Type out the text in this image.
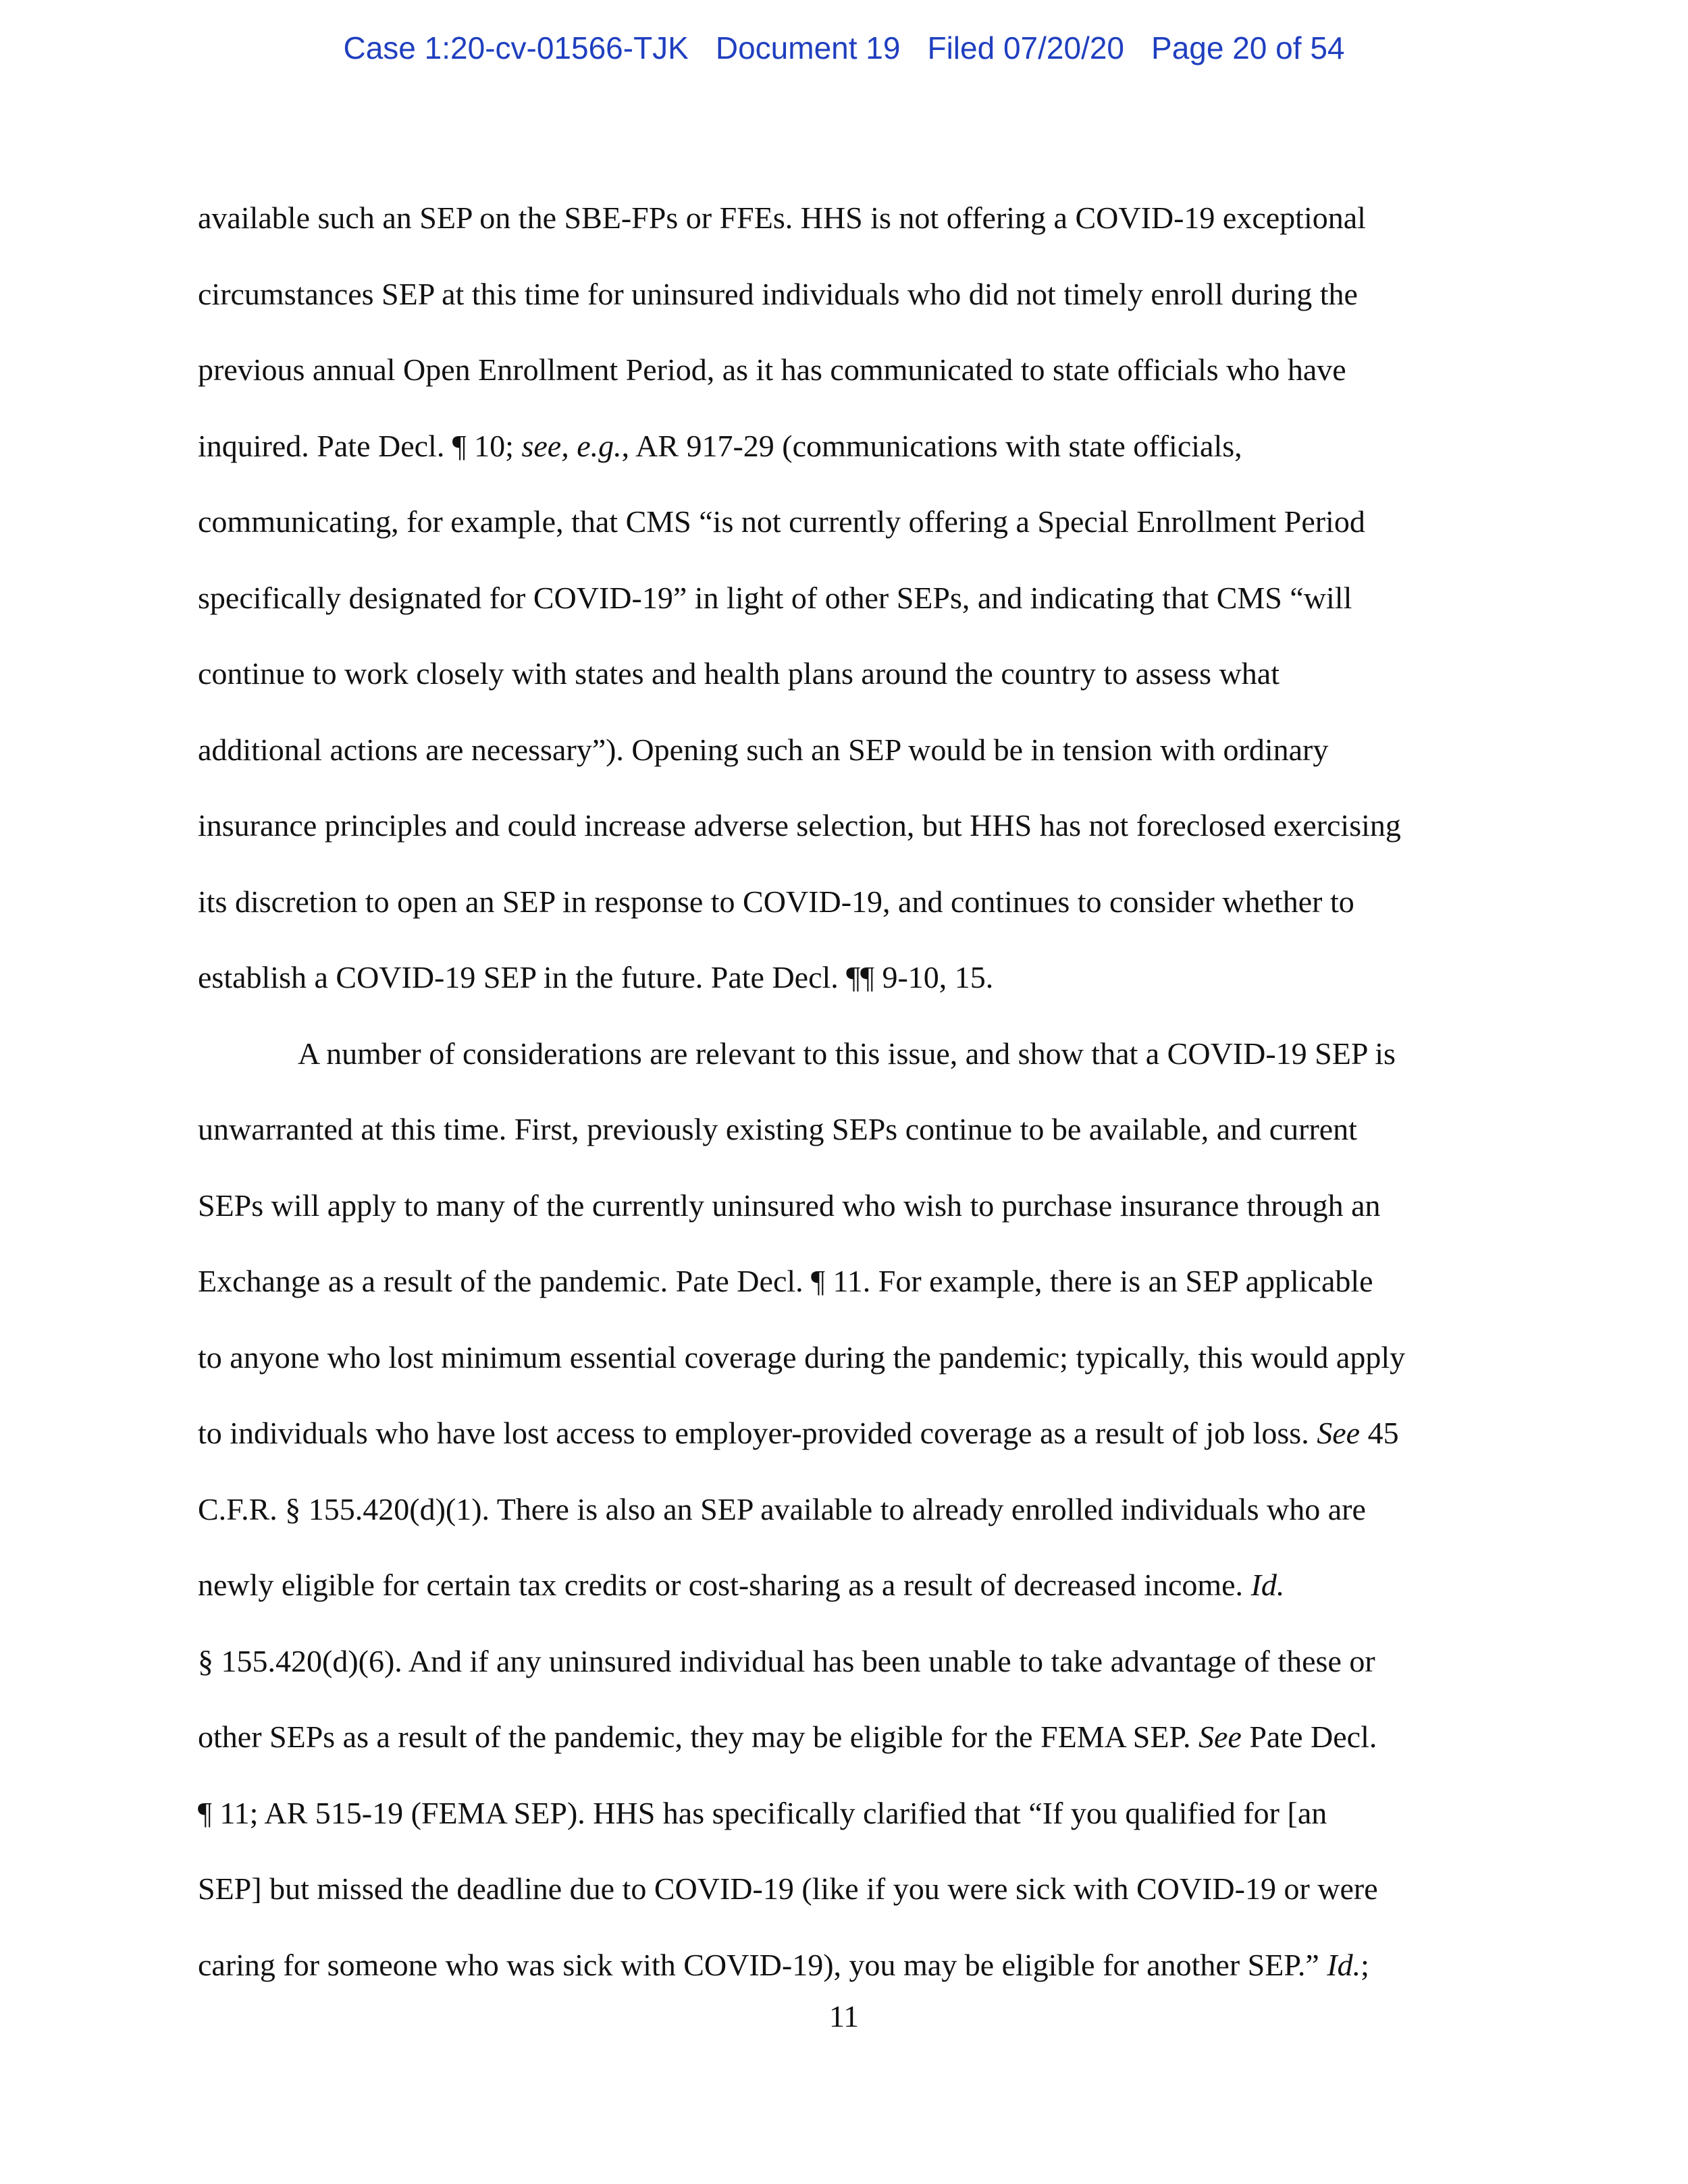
Case 1:20-cv-01566-TJK Document 19 Filed 07/20/20 Page 20 of 54
available such an SEP on the SBE-FPs or FFEs. HHS is not offering a COVID-19 exceptional
circumstances SEP at this time for uninsured individuals who did not timely enroll during the
previous annual Open Enrollment Period, as it has communicated to state officials who have
inquired. Pate Decl. ¶ 10; see, e.g., AR 917-29 (communications with state officials,
communicating, for example, that CMS “is not currently offering a Special Enrollment Period
specifically designated for COVID-19” in light of other SEPs, and indicating that CMS “will
continue to work closely with states and health plans around the country to assess what
additional actions are necessary”). Opening such an SEP would be in tension with ordinary
insurance principles and could increase adverse selection, but HHS has not foreclosed exercising
its discretion to open an SEP in response to COVID-19, and continues to consider whether to
establish a COVID-19 SEP in the future. Pate Decl. ¶¶ 9-10, 15.
A number of considerations are relevant to this issue, and show that a COVID-19 SEP is
unwarranted at this time. First, previously existing SEPs continue to be available, and current
SEPs will apply to many of the currently uninsured who wish to purchase insurance through an
Exchange as a result of the pandemic. Pate Decl. ¶ 11. For example, there is an SEP applicable
to anyone who lost minimum essential coverage during the pandemic; typically, this would apply
to individuals who have lost access to employer-provided coverage as a result of job loss. See 45
C.F.R. § 155.420(d)(1). There is also an SEP available to already enrolled individuals who are
newly eligible for certain tax credits or cost-sharing as a result of decreased income. Id.
§ 155.420(d)(6). And if any uninsured individual has been unable to take advantage of these or
other SEPs as a result of the pandemic, they may be eligible for the FEMA SEP. See Pate Decl.
¶ 11; AR 515-19 (FEMA SEP). HHS has specifically clarified that “If you qualified for [an
SEP] but missed the deadline due to COVID-19 (like if you were sick with COVID-19 or were
caring for someone who was sick with COVID-19), you may be eligible for another SEP.” Id.;
11
